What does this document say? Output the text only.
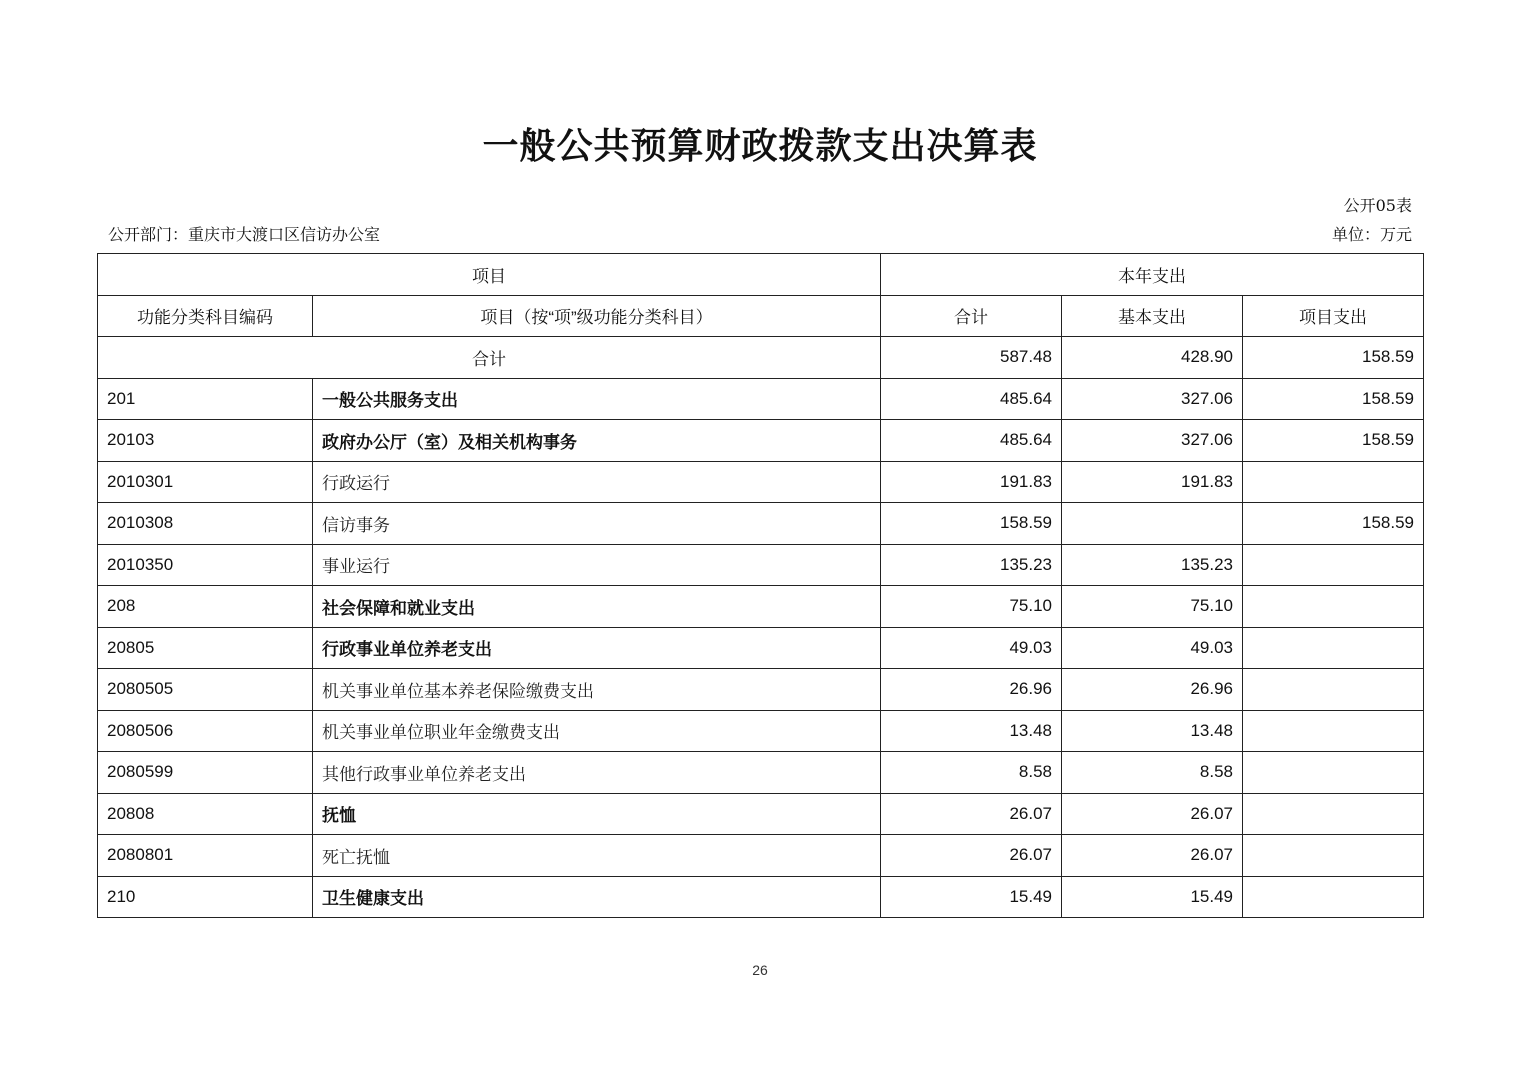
一般公共预算财政拨款支出决算表
公开05表
公开部门：重庆市大渡口区信访办公室	单位：万元
项目		本年支出		
功能分类科目编码	项目（按“项”级功能分类科目）	合计	基本支出	项目支出
合计		587.48	428.90	158.59
201	一般公共服务支出	485.64	327.06	158.59
20103	政府办公厅（室）及相关机构事务	485.64	327.06	158.59
2010301	行政运行	191.83	191.83	
2010308	信访事务	158.59		158.59
2010350	事业运行	135.23	135.23	
208	社会保障和就业支出	75.10	75.10	
20805	行政事业单位养老支出	49.03	49.03	
2080505	机关事业单位基本养老保险缴费支出	26.96	26.96	
2080506	机关事业单位职业年金缴费支出	13.48	13.48	
2080599	其他行政事业单位养老支出	8.58	8.58	
20808	抚恤	26.07	26.07	
2080801	死亡抚恤	26.07	26.07	
210	卫生健康支出	15.49	15.49	
26
